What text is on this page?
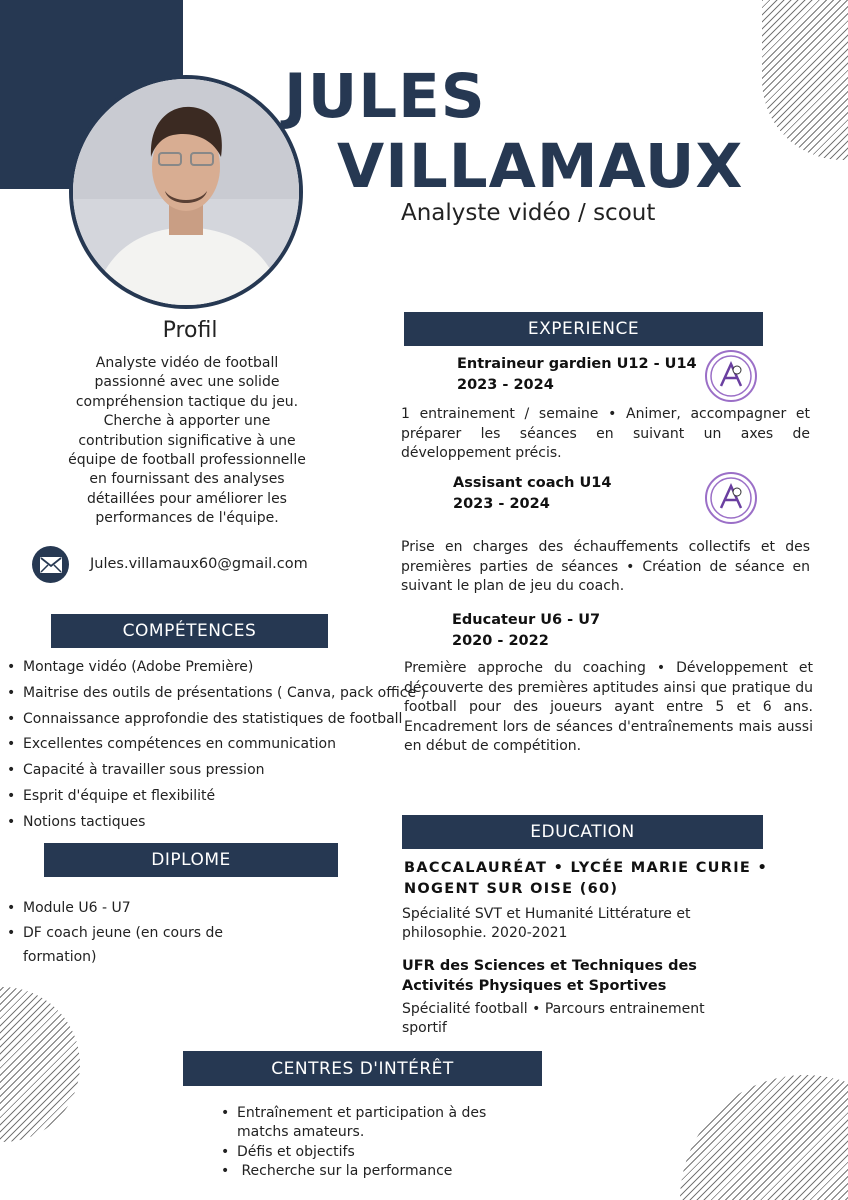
JULES
VILLAMAUX
Analyste vidéo / scout
Profil
Analyste vidéo de football passionné avec une solide compréhension tactique du jeu. Cherche à apporter une contribution significative à une équipe de football professionnelle en fournissant des analyses détaillées pour améliorer les performances de l'équipe.
Jules.villamaux60@gmail.com
COMPÉTENCES
• Montage vidéo (Adobe Première)
• Maitrise des outils de présentations ( Canva, pack office )
• Connaissance approfondie des statistiques de football
• Excellentes compétences en communication
• Capacité à travailler sous pression
• Esprit d'équipe et flexibilité
• Notions tactiques
DIPLOME
• Module U6 - U7
• DF coach jeune (en cours de formation)
EXPERIENCE
Entraineur gardien U12 - U14
2023 - 2024
1 entrainement / semaine • Animer, accompagner et préparer les séances en suivant un axes de développement précis.
Assisant coach U14
2023 - 2024
Prise en charges des échauffements collectifs et des premières parties de séances • Création de séance en suivant le plan de jeu du coach.
Educateur U6 - U7
2020 - 2022
Première approche du coaching • Développement et découverte des premières aptitudes ainsi que pratique du football pour des joueurs ayant entre 5 et 6 ans. Encadrement lors de séances d'entraînements mais aussi en début de compétition.
EDUCATION
BACCALAURÉAT • LYCÉE MARIE CURIE •
NOGENT SUR OISE (60)
Spécialité SVT et Humanité Littérature et philosophie. 2020-2021
UFR des Sciences et Techniques des
Activités Physiques et Sportives
Spécialité football • Parcours entrainement sportif
CENTRES D'INTÉRÊT
• Entraînement et participation à des matchs amateurs.
• Défis et objectifs
•  Recherche sur la performance
